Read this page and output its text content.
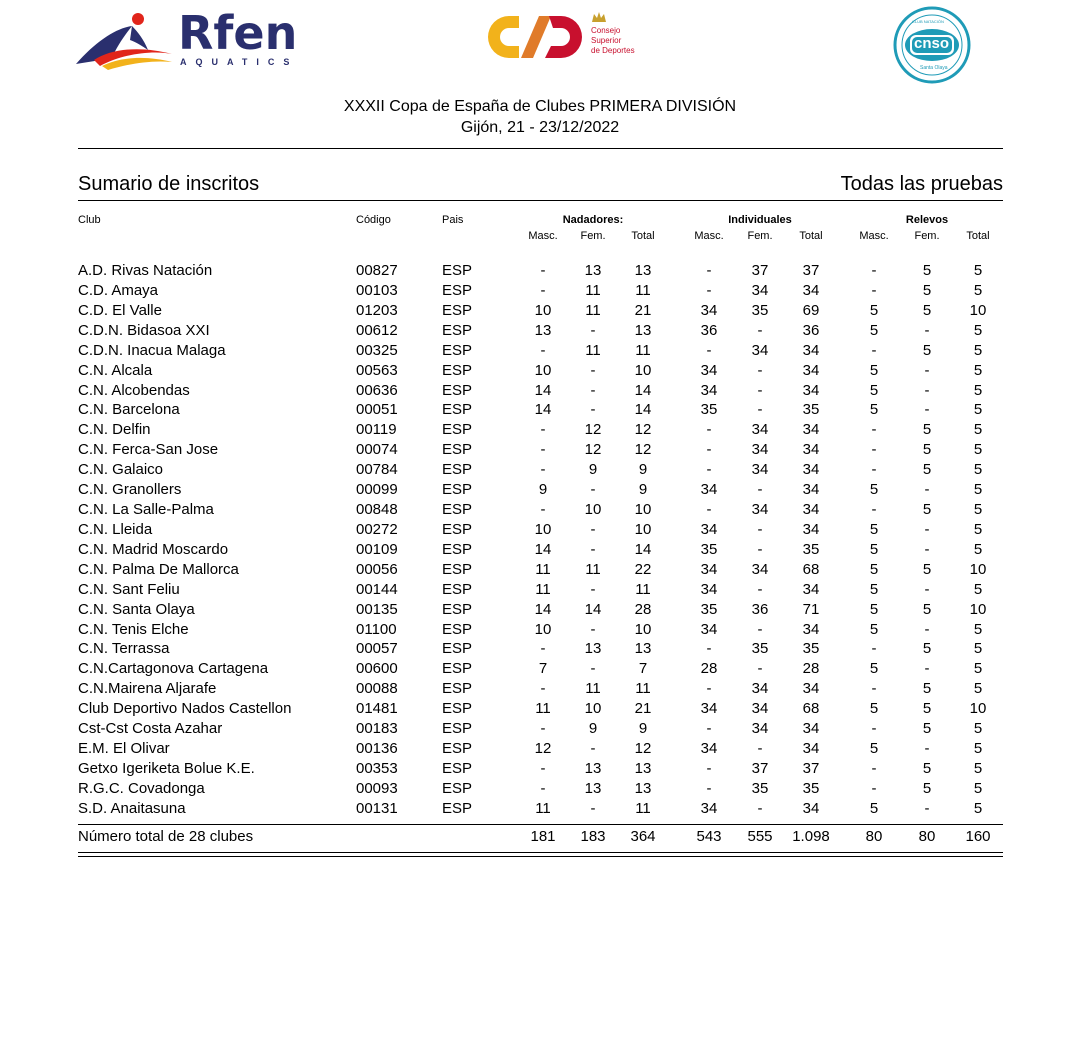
Rfen
AQUATICS
Consejo
Superior
de Deportes	cnso
CLUB NATACIÓN
Santa Olaya
XXXII Copa de España de Clubes PRIMERA DIVISIÓN
Gijón, 21 - 23/12/2022
Sumario de inscritos	Todas las pruebas
Club	Código	Pais	Nadadores:	Individuales	Relevos
Masc.	Fem.	Total	Masc.	Fem.	Total	Masc.	Fem.	Total
A.D. Rivas Natación	00827	ESP	-	13	13	-	37	37	-	5	5
C.D. Amaya	00103	ESP	-	11	11	-	34	34	-	5	5
C.D. El Valle	01203	ESP	10	11	21	34	35	69	5	5	10
C.D.N. Bidasoa XXI	00612	ESP	13	-	13	36	-	36	5	-	5
C.D.N. Inacua Malaga	00325	ESP	-	11	11	-	34	34	-	5	5
C.N. Alcala	00563	ESP	10	-	10	34	-	34	5	-	5
C.N. Alcobendas	00636	ESP	14	-	14	34	-	34	5	-	5
C.N. Barcelona	00051	ESP	14	-	14	35	-	35	5	-	5
C.N. Delfin	00119	ESP	-	12	12	-	34	34	-	5	5
C.N. Ferca-San Jose	00074	ESP	-	12	12	-	34	34	-	5	5
C.N. Galaico	00784	ESP	-	9	9	-	34	34	-	5	5
C.N. Granollers	00099	ESP	9	-	9	34	-	34	5	-	5
C.N. La Salle-Palma	00848	ESP	-	10	10	-	34	34	-	5	5
C.N. Lleida	00272	ESP	10	-	10	34	-	34	5	-	5
C.N. Madrid Moscardo	00109	ESP	14	-	14	35	-	35	5	-	5
C.N. Palma De Mallorca	00056	ESP	11	11	22	34	34	68	5	5	10
C.N. Sant Feliu	00144	ESP	11	-	11	34	-	34	5	-	5
C.N. Santa Olaya	00135	ESP	14	14	28	35	36	71	5	5	10
C.N. Tenis Elche	01100	ESP	10	-	10	34	-	34	5	-	5
C.N. Terrassa	00057	ESP	-	13	13	-	35	35	-	5	5
C.N.Cartagonova Cartagena	00600	ESP	7	-	7	28	-	28	5	-	5
C.N.Mairena Aljarafe	00088	ESP	-	11	11	-	34	34	-	5	5
Club Deportivo Nados Castellon	01481	ESP	11	10	21	34	34	68	5	5	10
Cst-Cst Costa Azahar	00183	ESP	-	9	9	-	34	34	-	5	5
E.M. El Olivar	00136	ESP	12	-	12	34	-	34	5	-	5
Getxo Igeriketa Bolue K.E.	00353	ESP	-	13	13	-	37	37	-	5	5
R.G.C. Covadonga	00093	ESP	-	13	13	-	35	35	-	5	5
S.D. Anaitasuna	00131	ESP	11	-	11	34	-	34	5	-	5
Número total de 28 clubes	181	183	364	543	555	1.098	80	80	160
